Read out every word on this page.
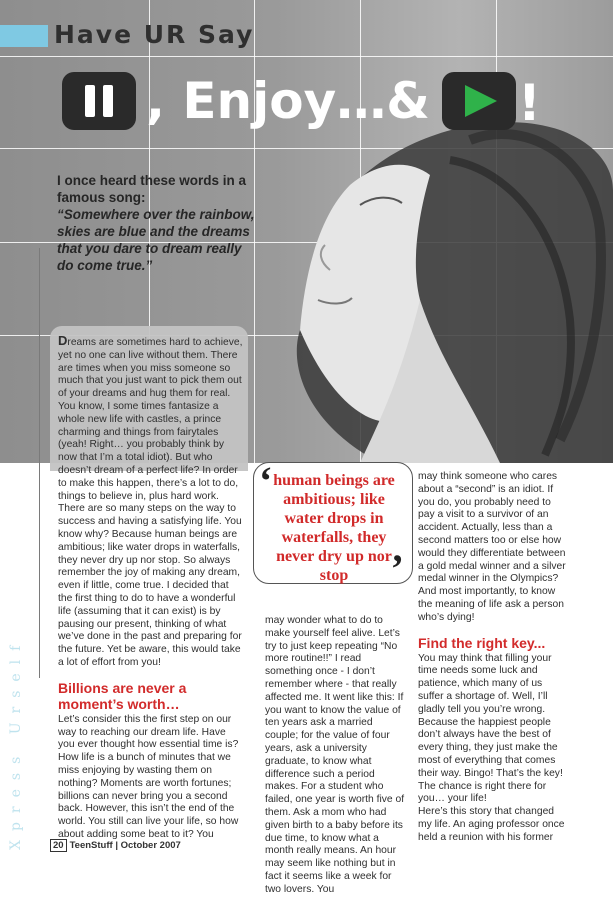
Have UR Say
, Enjoy…& !
I once heard these words in a famous song:
“Somewhere over the rainbow, skies are blue and the dreams that you dare to dream really do come true.”
Xpress Urself

Dreams are sometimes hard to achieve, yet no one can live without them. There are times when you miss someone so much that you just want to pick them out of your dreams and hug them for real. You know, I some times fantasize a whole new life with castles, a prince charming and things from fairytales (yeah! Right… you probably think by now that I’m a total idiot). But who doesn’t dream of a perfect life? In order to make this happen, there’s a lot to do, things to believe in, plus hard work. There are so many steps on the way to success and having a satisfying life. You know why? Because human beings are ambitious; like water drops in waterfalls, they never dry up nor stop. So always remember the joy of making any dream, even if little, come true. I decided that the first thing to do to have a wonderful life (assuming that it can exist) is by pausing our present, thinking of what we’ve done in the past and preparing for the future. Yet be aware, this would take a lot of effort from you!

Billions are never a moment’s worth…

Let’s consider this the first step on our way to reaching our dream life. Have you ever thought how essential time is? How life is a bunch of minutes that we miss enjoying by wasting them on nothing? Moments are worth fortunes; billions can never bring you a second back. However, this isn’t the end of the world. You still can live your life, so how about adding some beat to it? You

‘ human beings are ambitious; like water drops in waterfalls, they never dry up nor stop	’

may wonder what to do to make yourself feel alive. Let’s try to just keep repeating “No more routine!!” I read something once - I don’t remember where - that really affected me. It went like this: If you want to know the value of ten years ask a married couple; for the value of four years, ask a university graduate, to know what difference such a period makes. For a student who failed, one year is worth five of them. Ask a mom who had given birth to a baby before its due time, to know what a month really means. An hour may seem like nothing but in fact it seems like a week for two lovers. You

may think someone who cares about a “second” is an idiot. If you do, you probably need to pay a visit to a survivor of an accident. Actually, less than a second matters too or else how would they differentiate between a gold medal winner and a silver medal winner in the Olympics? And most importantly, to know the meaning of life ask a person who’s dying!

Find the right key...

You may think that filling your time needs some luck and patience, which many of us suffer a shortage of. Well, I’ll gladly tell you you’re wrong. Because the happiest people don’t always have the best of every thing, they just make the most of everything that comes their way. Bingo! That’s the key! The chance is right there for you… your life!

Here’s this story that changed my life. An aging professor once held a reunion with his former

20 TeenStuff | October 2007
